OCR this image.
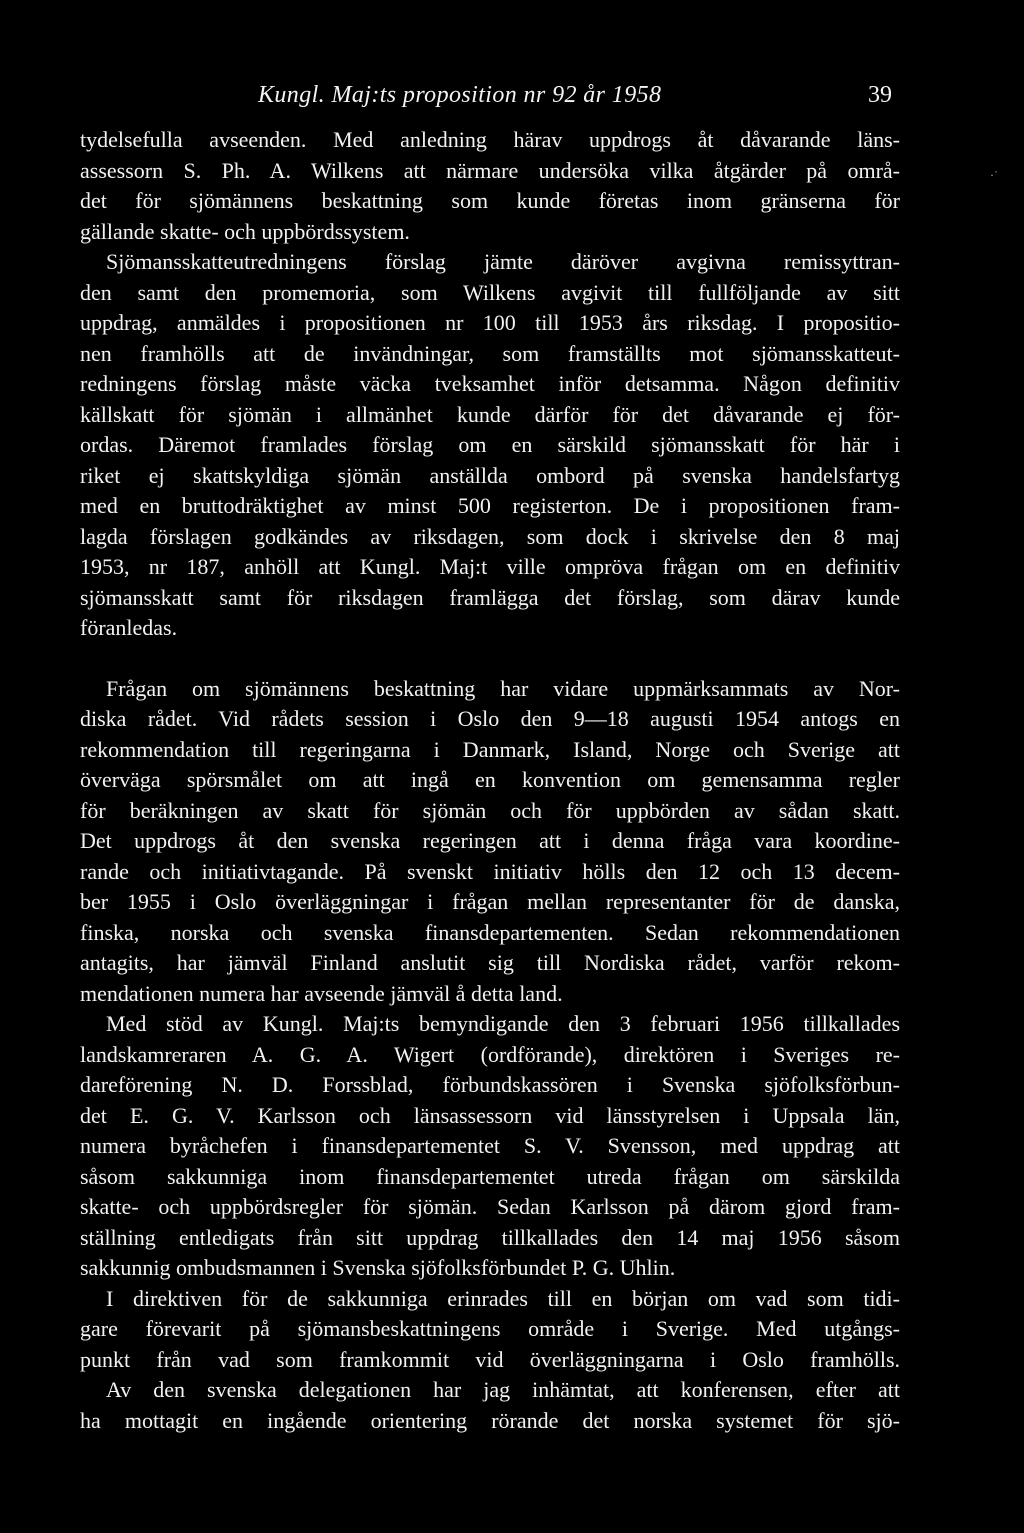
Kungl. Maj:ts proposition nr 92 år 1958	39
·˙
tydelsefulla avseenden. Med anledning härav uppdrogs åt dåvarande läns-
assessorn S. Ph. A. Wilkens att närmare undersöka vilka åtgärder på områ-
det för sjömännens beskattning som kunde företas inom gränserna för
gällande skatte- och uppbördssystem.
Sjömansskatteutredningens förslag jämte däröver avgivna remissyttran-
den samt den promemoria, som Wilkens avgivit till fullföljande av sitt
uppdrag, anmäldes i propositionen nr 100 till 1953 års riksdag. I propositio-
nen framhölls att de invändningar, som framställts mot sjömansskatteut-
redningens förslag måste väcka tveksamhet inför detsamma. Någon definitiv
källskatt för sjömän i allmänhet kunde därför för det dåvarande ej för-
ordas. Däremot framlades förslag om en särskild sjömansskatt för här i
riket ej skattskyldiga sjömän anställda ombord på svenska handelsfartyg
med en bruttodräktighet av minst 500 registerton. De i propositionen fram-
lagda förslagen godkändes av riksdagen, som dock i skrivelse den 8 maj
1953, nr 187, anhöll att Kungl. Maj:t ville ompröva frågan om en definitiv
sjömansskatt samt för riksdagen framlägga det förslag, som därav kunde
föranledas.
Frågan om sjömännens beskattning har vidare uppmärksammats av Nor-
diska rådet. Vid rådets session i Oslo den 9—18 augusti 1954 antogs en
rekommendation till regeringarna i Danmark, Island, Norge och Sverige att
överväga spörsmålet om att ingå en konvention om gemensamma regler
för beräkningen av skatt för sjömän och för uppbörden av sådan skatt.
Det uppdrogs åt den svenska regeringen att i denna fråga vara koordine-
rande och initiativtagande. På svenskt initiativ hölls den 12 och 13 decem-
ber 1955 i Oslo överläggningar i frågan mellan representanter för de danska,
finska, norska och svenska finansdepartementen. Sedan rekommendationen
antagits, har jämväl Finland anslutit sig till Nordiska rådet, varför rekom-
mendationen numera har avseende jämväl å detta land.
Med stöd av Kungl. Maj:ts bemyndigande den 3 februari 1956 tillkallades
landskamreraren A. G. A. Wigert (ordförande), direktören i Sveriges re-
dareförening N. D. Forssblad, förbundskassören i Svenska sjöfolksförbun-
det E. G. V. Karlsson och länsassessorn vid länsstyrelsen i Uppsala län,
numera byråchefen i finansdepartementet S. V. Svensson, med uppdrag att
såsom sakkunniga inom finansdepartementet utreda frågan om särskilda
skatte- och uppbördsregler för sjömän. Sedan Karlsson på därom gjord fram-
ställning entledigats från sitt uppdrag tillkallades den 14 maj 1956 såsom
sakkunnig ombudsmannen i Svenska sjöfolksförbundet P. G. Uhlin.
I direktiven för de sakkunniga erinrades till en början om vad som tidi-
gare förevarit på sjömansbeskattningens område i Sverige. Med utgångs-
punkt från vad som framkommit vid överläggningarna i Oslo framhölls.
Av den svenska delegationen har jag inhämtat, att konferensen, efter att
ha mottagit en ingående orientering rörande det norska systemet för sjö-
